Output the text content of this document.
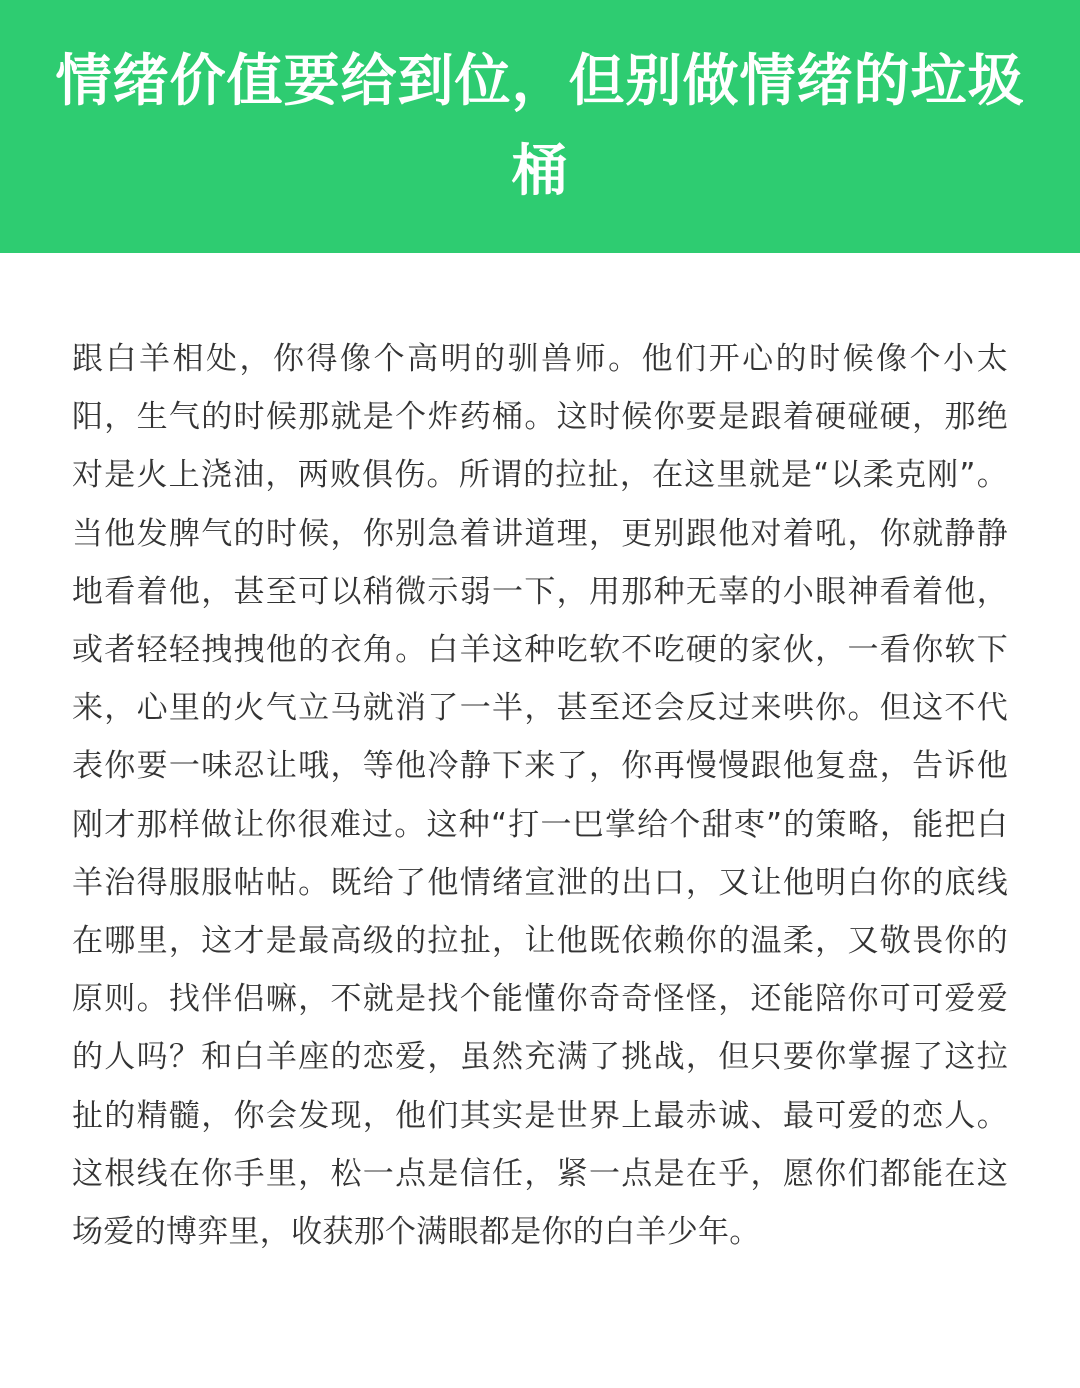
情绪价值要给到位，但别做情绪的垃圾桶

跟白羊相处，你得像个高明的驯兽师。他们开心的时候像个小太阳，生气的时候那就是个炸药桶。这时候你要是跟着硬碰硬，那绝对是火上浇油，两败俱伤。所谓的拉扯，在这里就是“以柔克刚”。当他发脾气的时候，你别急着讲道理，更别跟他对着吼，你就静静地看着他，甚至可以稍微示弱一下，用那种无辜的小眼神看着他，或者轻轻拽拽他的衣角。白羊这种吃软不吃硬的家伙，一看你软下来，心里的火气立马就消了一半，甚至还会反过来哄你。但这不代表你要一味忍让哦，等他冷静下来了，你再慢慢跟他复盘，告诉他刚才那样做让你很难过。这种“打一巴掌给个甜枣”的策略，能把白羊治得服服帖帖。既给了他情绪宣泄的出口，又让他明白你的底线在哪里，这才是最高级的拉扯，让他既依赖你的温柔，又敬畏你的原则。找伴侣嘛，不就是找个能懂你奇奇怪怪，还能陪你可可爱爱的人吗？和白羊座的恋爱，虽然充满了挑战，但只要你掌握了这拉扯的精髓，你会发现，他们其实是世界上最赤诚、最可爱的恋人。这根线在你手里，松一点是信任，紧一点是在乎，愿你们都能在这场爱的博弈里，收获那个满眼都是你的白羊少年。
